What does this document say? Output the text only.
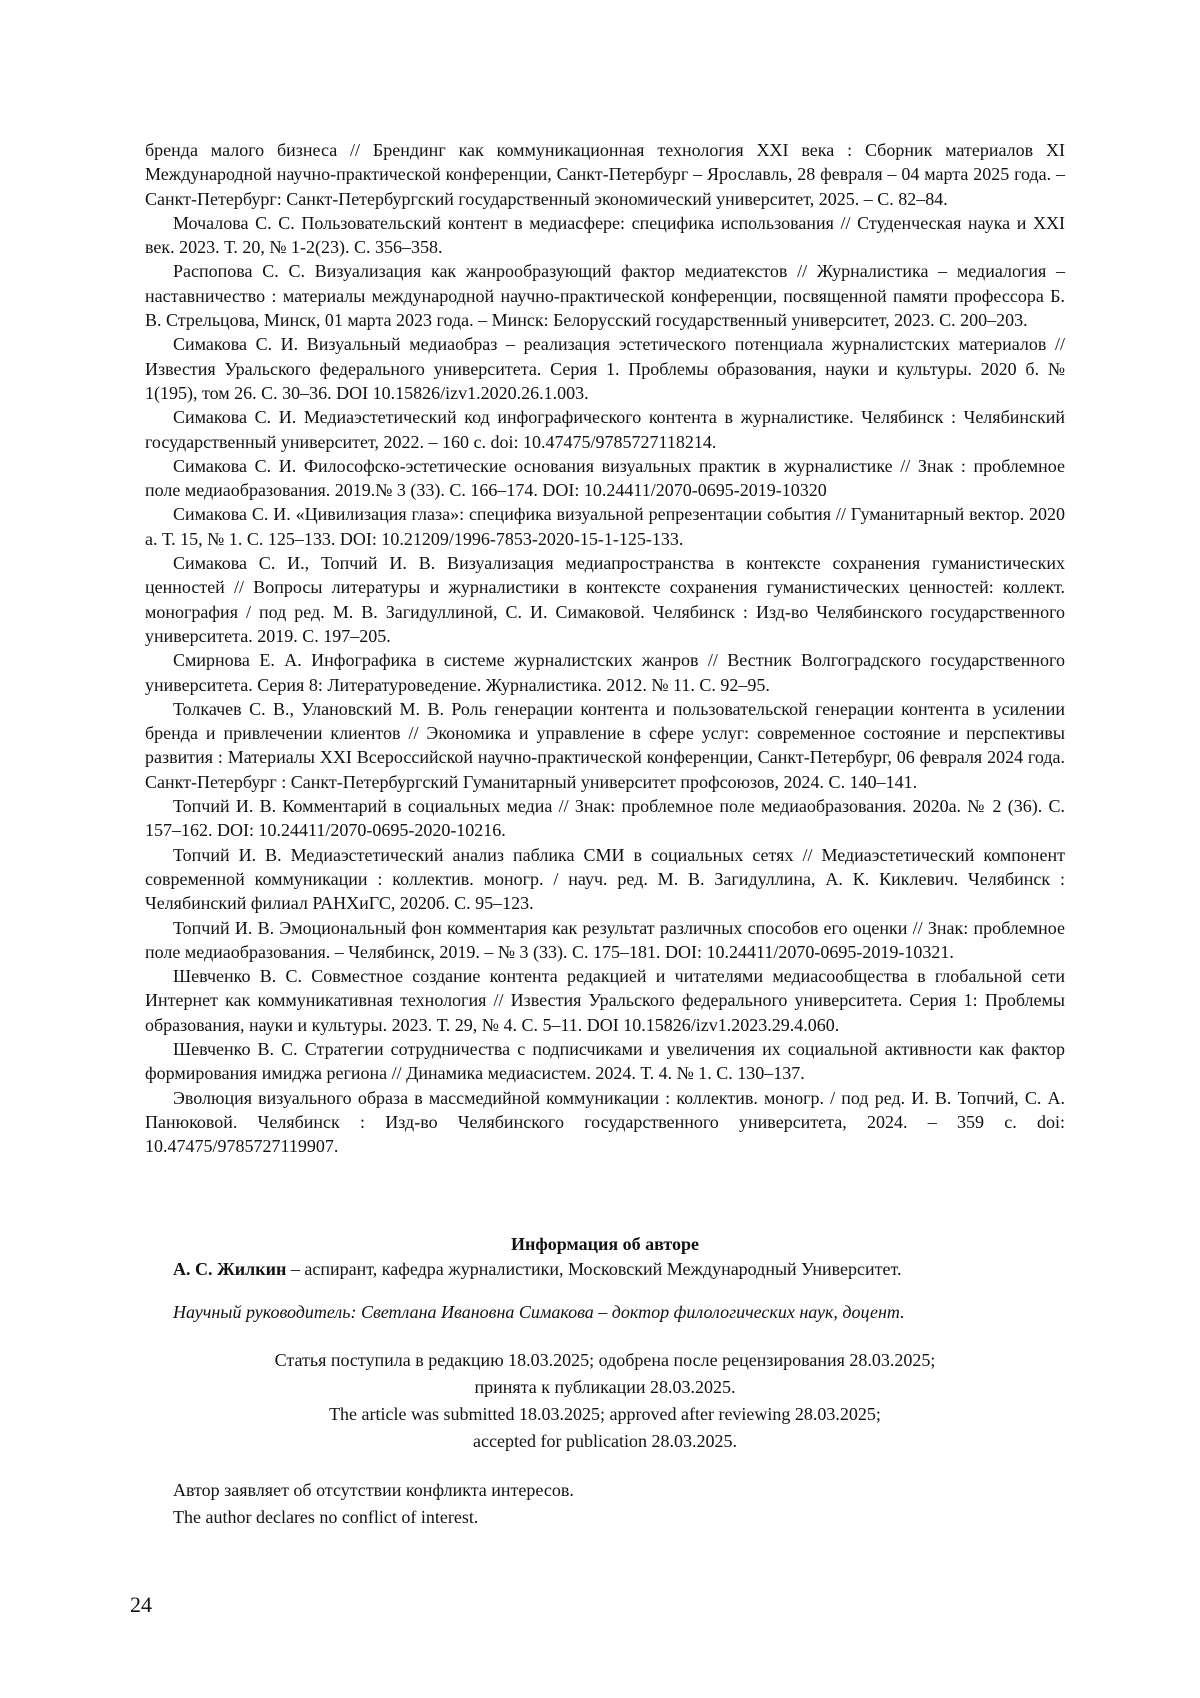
бренда малого бизнеса // Брендинг как коммуникационная технология XXI века : Сборник материалов XI Международной научно-практической конференции, Санкт-Петербург – Ярославль, 28 февраля – 04 марта 2025 года. – Санкт-Петербург: Санкт-Петербургский государственный экономический университет, 2025. – С. 82–84.

Мочалова С. С. Пользовательский контент в медиасфере: специфика использования // Студенческая наука и XXI век. 2023. Т. 20, № 1-2(23). С. 356–358.

Распопова С. С. Визуализация как жанрообразующий фактор медиатекстов // Журналистика – медиалогия – наставничество : материалы международной научно-практической конференции, посвященной памяти профессора Б. В. Стрельцова, Минск, 01 марта 2023 года. – Минск: Белорусский государственный университет, 2023. С. 200–203.

Симакова С. И. Визуальный медиаобраз – реализация эстетического потенциала журналистских материалов // Известия Уральского федерального университета. Серия 1. Проблемы образования, науки и культуры. 2020 б. № 1(195), том 26. С. 30–36. DOI 10.15826/izv1.2020.26.1.003.

Симакова С. И. Медиаэстетический код инфографического контента в журналистике. Челябинск : Челябинский государственный университет, 2022. – 160 с. doi: 10.47475/9785727118214.

Симакова С. И. Философско-эстетические основания визуальных практик в журналистике // Знак : проблемное поле медиаобразования. 2019.№ 3 (33). С. 166–174. DOI: 10.24411/2070-0695-2019-10320

Симакова С. И. «Цивилизация глаза»: специфика визуальной репрезентации события // Гуманитарный вектор. 2020 а. Т. 15, № 1. С. 125–133. DOI: 10.21209/1996-7853-2020-15-1-125-133.

Симакова С. И., Топчий И. В. Визуализация медиапространства в контексте сохранения гуманистических ценностей // Вопросы литературы и журналистики в контексте сохранения гуманистических ценностей: коллект. монография / под ред. М. В. Загидуллиной, С. И. Симаковой. Челябинск : Изд-во Челябинского государственного университета. 2019. С. 197–205.

Смирнова Е. А. Инфографика в системе журналистских жанров // Вестник Волгоградского государственного университета. Серия 8: Литературоведение. Журналистика. 2012. № 11. С. 92–95.

Толкачев С. В., Улановский М. В. Роль генерации контента и пользовательской генерации контента в усилении бренда и привлечении клиентов // Экономика и управление в сфере услуг: современное состояние и перспективы развития : Материалы XXI Всероссийской научно-практической конференции, Санкт-Петербург, 06 февраля 2024 года. Санкт-Петербург : Санкт-Петербургский Гуманитарный университет профсоюзов, 2024. С. 140–141.

Топчий И. В. Комментарий в социальных медиа // Знак: проблемное поле медиаобразования. 2020а. № 2 (36). С. 157–162. DOI: 10.24411/2070-0695-2020-10216.

Топчий И. В. Медиаэстетический анализ паблика СМИ в социальных сетях // Медиаэстетический компонент современной коммуникации : коллектив. моногр. / науч. ред. М. В. Загидуллина, А. К. Киклевич. Челябинск : Челябинский филиал РАНХиГС, 2020б. С. 95–123.

Топчий И. В. Эмоциональный фон комментария как результат различных способов его оценки // Знак: проблемное поле медиаобразования. – Челябинск, 2019. – № 3 (33). С. 175–181. DOI: 10.24411/2070-0695-2019-10321.

Шевченко В. С. Совместное создание контента редакцией и читателями медиасообщества в глобальной сети Интернет как коммуникативная технология // Известия Уральского федерального университета. Серия 1: Проблемы образования, науки и культуры. 2023. Т. 29, № 4. С. 5–11. DOI 10.15826/izv1.2023.29.4.060.

Шевченко В. С. Стратегии сотрудничества с подписчиками и увеличения их социальной активности как фактор формирования имиджа региона // Динамика медиасистем. 2024. Т. 4. № 1. С. 130–137.

Эволюция визуального образа в массмедийной коммуникации : коллектив. моногр. / под ред. И. В. Топчий, С. А. Панюковой. Челябинск : Изд-во Челябинского государственного университета, 2024. – 359 с. doi: 10.47475/9785727119907.

Информация об авторе

А. С. Жилкин – аспирант, кафедра журналистики, Московский Международный Университет.

Научный руководитель: Светлана Ивановна Симакова – доктор филологических наук, доцент.

Статья поступила в редакцию 18.03.2025; одобрена после рецензирования 28.03.2025;

принята к публикации 28.03.2025.

The article was submitted 18.03.2025; approved after reviewing 28.03.2025;

accepted for publication 28.03.2025.

Автор заявляет об отсутствии конфликта интересов.

The author declares no conflict of interest.

24
